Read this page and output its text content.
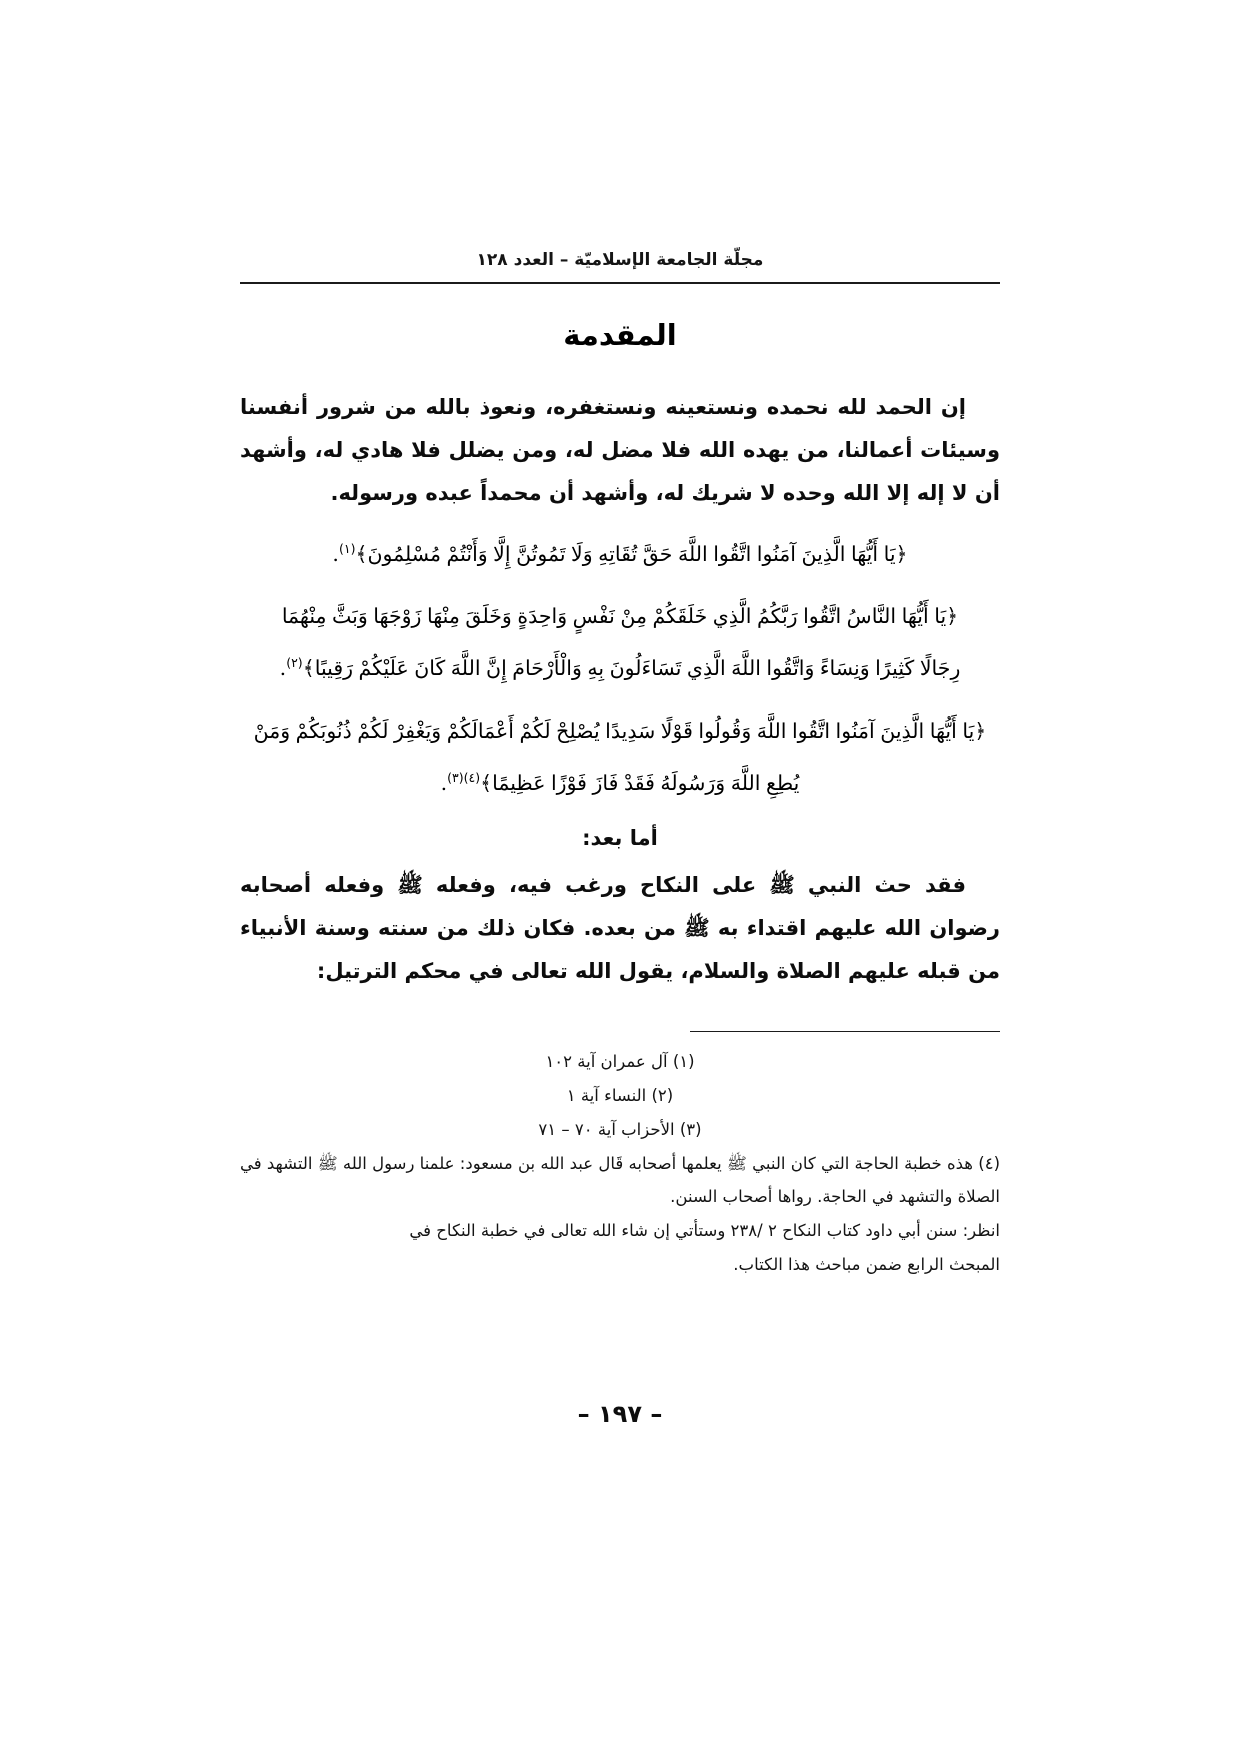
مجلّة الجامعة الإسلاميّة – العدد ١٢٨
المقدمة

إن الحمد لله نحمده ونستعينه ونستغفره، ونعوذ بالله من شرور أنفسنا وسيئات أعمالنا، من يهده الله فلا مضل له، ومن يضلل فلا هادي له، وأشهد أن لا إله إلا الله وحده لا شريك له، وأشهد أن محمداً عبده ورسوله.

﴿يَا أَيُّهَا الَّذِينَ آمَنُوا اتَّقُوا اللَّهَ حَقَّ تُقَاتِهِ وَلَا تَمُوتُنَّ إِلَّا وَأَنْتُمْ مُسْلِمُونَ﴾$^{(١)}$.
﴿يَا أَيُّهَا النَّاسُ اتَّقُوا رَبَّكُمُ الَّذِي خَلَقَكُمْ مِنْ نَفْسٍ وَاحِدَةٍ وَخَلَقَ مِنْهَا زَوْجَهَا وَبَثَّ مِنْهُمَا
رِجَالًا كَثِيرًا وَنِسَاءً وَاتَّقُوا اللَّهَ الَّذِي تَسَاءَلُونَ بِهِ وَالْأَرْحَامَ إِنَّ اللَّهَ كَانَ عَلَيْكُمْ رَقِيبًا﴾$^{(٢)}$.
﴿يَا أَيُّهَا الَّذِينَ آمَنُوا اتَّقُوا اللَّهَ وَقُولُوا قَوْلًا سَدِيدًا يُصْلِحْ لَكُمْ أَعْمَالَكُمْ وَيَغْفِرْ لَكُمْ ذُنُوبَكُمْ وَمَنْ
يُطِعِ اللَّهَ وَرَسُولَهُ فَقَدْ فَازَ فَوْزًا عَظِيمًا﴾$^{(٤)(٣)}$.
أما بعد:

فقد حث النبي ﷺ على النكاح ورغب فيه، وفعله ﷺ وفعله أصحابه رضوان الله عليهم اقتداء به ﷺ من بعده. فكان ذلك من سنته وسنة الأنبياء من قبله عليهم الصلاة والسلام، يقول الله تعالى في محكم الترتيل:

(١) آل عمران آية ١٠٢
(٢) النساء آية ١
(٣) الأحزاب آية ٧٠ – ٧١
(٤) هذه خطبة الحاجة التي كان النبي ﷺ يعلمها أصحابه قَال عبد الله بن مسعود: علمنا رسول الله ﷺ التشهد في الصلاة والتشهد في الحاجة. رواها أصحاب السنن.
انظر: سنن أبي داود كتاب النكاح ٢ /٢٣٨ وستأتي إن شاء الله تعالى في خطبة النكاح في
المبحث الرابع ضمن مباحث هذا الكتاب.
– ١٩٧ –
